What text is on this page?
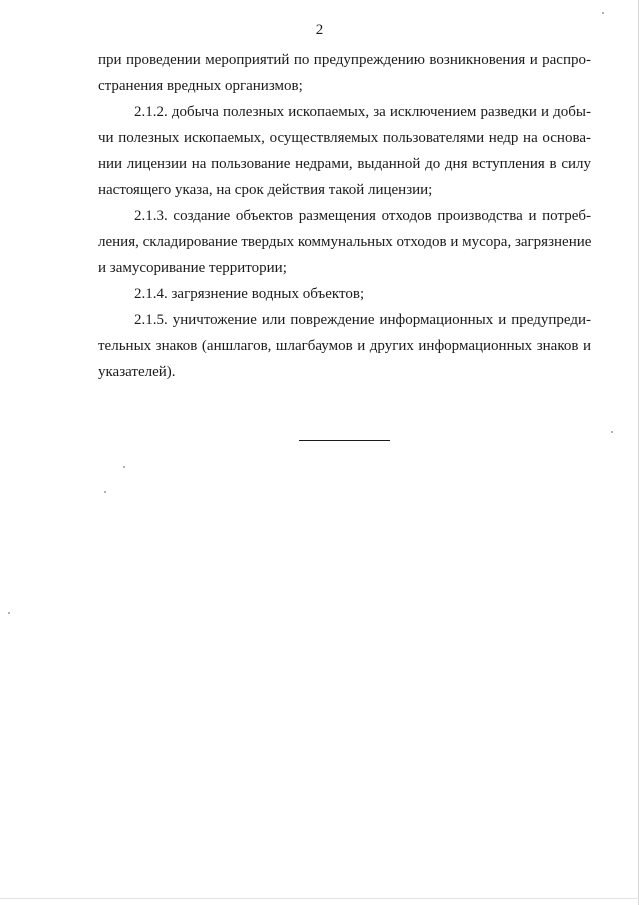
2

при проведении мероприятий по предупреждению возникновения и распро-
странения вредных организмов;

2.1.2. добыча полезных ископаемых, за исключением разведки и добы-
чи полезных ископаемых, осуществляемых пользователями недр на основа-
нии лицензии на пользование недрами, выданной до дня вступления в силу
настоящего указа, на срок действия такой лицензии;

2.1.3. создание объектов размещения отходов производства и потреб-
ления, складирование твердых коммунальных отходов и мусора, загрязнение
и замусоривание территории;

2.1.4. загрязнение водных объектов;

2.1.5. уничтожение или повреждение информационных и предупреди-
тельных знаков (аншлагов, шлагбаумов и других информационных знаков и
указателей).
